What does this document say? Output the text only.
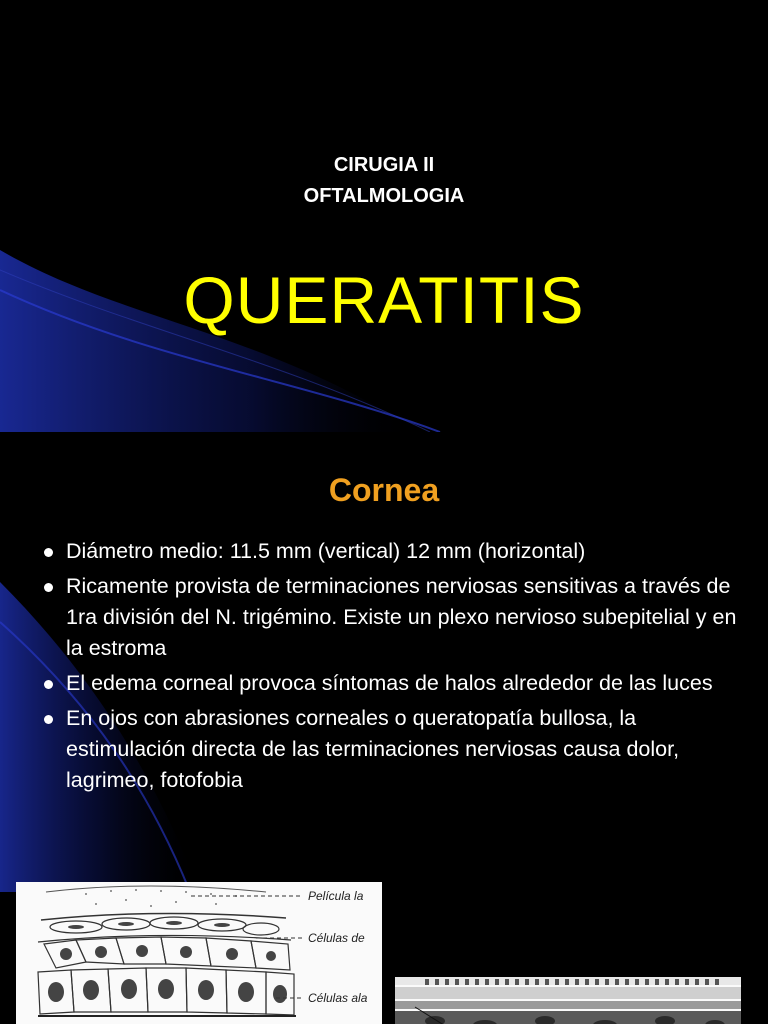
CIRUGIA II
OFTALMOLOGIA
QUERATITIS
Cornea
Diámetro medio: 11.5 mm (vertical) 12 mm (horizontal)
Ricamente provista de terminaciones nerviosas sensitivas a través de 1ra división del N. trigémino. Existe un plexo nervioso subepitelial y en la estroma
El edema corneal provoca síntomas de halos alrededor de las luces
En ojos con abrasiones corneales o queratopatía bullosa, la estimulación directa de las terminaciones nerviosas causa dolor, lagrimeo, fotofobia
Película la
Células de
Células ala
